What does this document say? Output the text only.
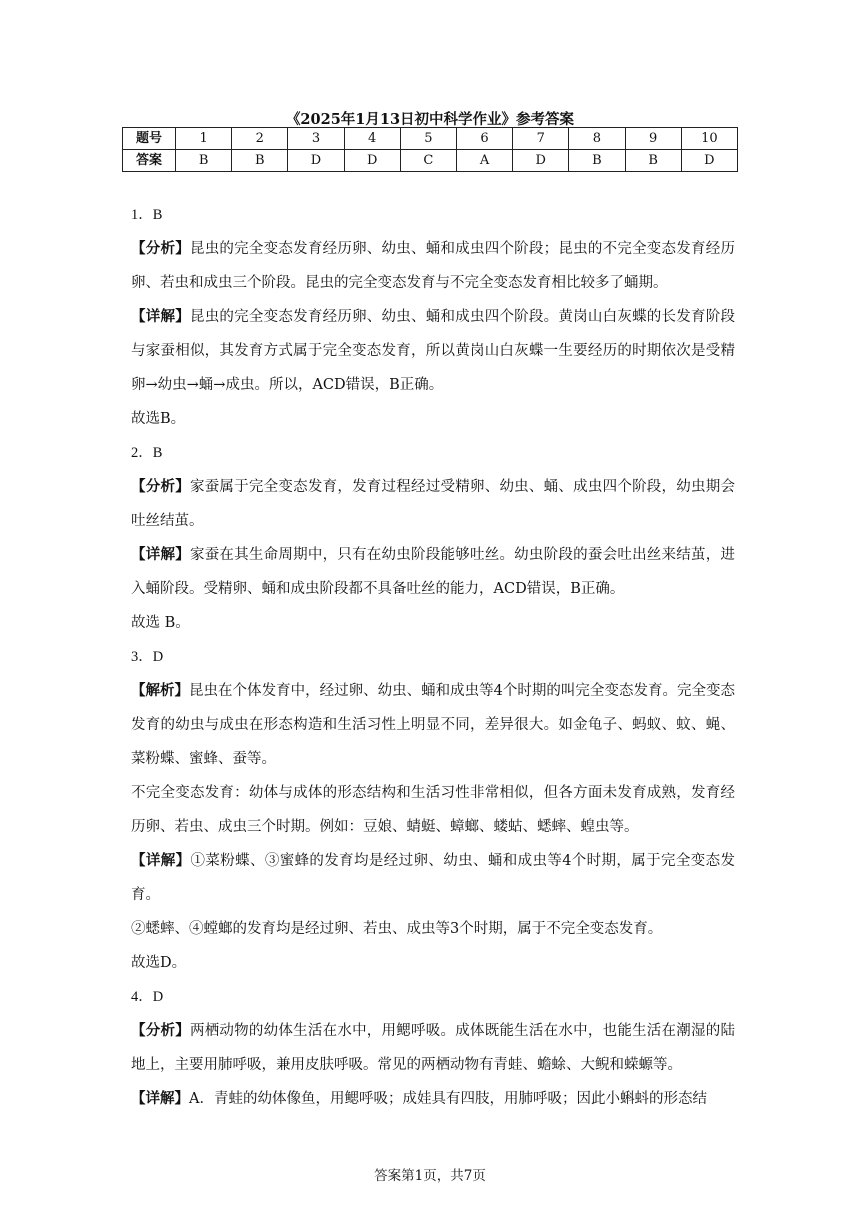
《2025年1月13日初中科学作业》参考答案
题号	1	2	3	4	5	6	7	8	9	10
答案	B	B	D	D	C	A	D	B	B	D

1．B

【分析】昆虫的完全变态发育经历卵、幼虫、蛹和成虫四个阶段；昆虫的不完全变态发育经历卵、若虫和成虫三个阶段。昆虫的完全变态发育与不完全变态发育相比较多了蛹期。

【详解】昆虫的完全变态发育经历卵、幼虫、蛹和成虫四个阶段。黄岗山白灰蝶的长发育阶段与家蚕相似，其发育方式属于完全变态发育，所以黄岗山白灰蝶一生要经历的时期依次是受精卵→幼虫→蛹→成虫。所以，ACD错误，B正确。

故选B。

2．B

【分析】家蚕属于完全变态发育，发育过程经过受精卵、幼虫、蛹、成虫四个阶段，幼虫期会吐丝结茧。

【详解】家蚕在其生命周期中，只有在幼虫阶段能够吐丝。幼虫阶段的蚕会吐出丝来结茧，进入蛹阶段。受精卵、蛹和成虫阶段都不具备吐丝的能力，ACD错误，B正确。

故选 B。

3．D

【解析】昆虫在个体发育中，经过卵、幼虫、蛹和成虫等4个时期的叫完全变态发育。完全变态发育的幼虫与成虫在形态构造和生活习性上明显不同，差异很大。如金龟子、蚂蚁、蚊、蝇、菜粉蝶、蜜蜂、蚕等。

不完全变态发育：幼体与成体的形态结构和生活习性非常相似，但各方面未发育成熟，发育经历卵、若虫、成虫三个时期。例如：豆娘、蜻蜓、蟑螂、蝼蛄、蟋蟀、蝗虫等。

【详解】①菜粉蝶、③蜜蜂的发育均是经过卵、幼虫、蛹和成虫等4个时期，属于完全变态发育。

②蟋蟀、④螳螂的发育均是经过卵、若虫、成虫等3个时期，属于不完全变态发育。

故选D。

4．D

【分析】两栖动物的幼体生活在水中，用鳃呼吸。成体既能生活在水中，也能生活在潮湿的陆地上，主要用肺呼吸，兼用皮肤呼吸。常见的两栖动物有青蛙、蟾蜍、大鲵和蝾螈等。

【详解】A．青蛙的幼体像鱼，用鳃呼吸；成娃具有四肢，用肺呼吸；因此小蝌蚪的形态结

答案第1页，共7页
